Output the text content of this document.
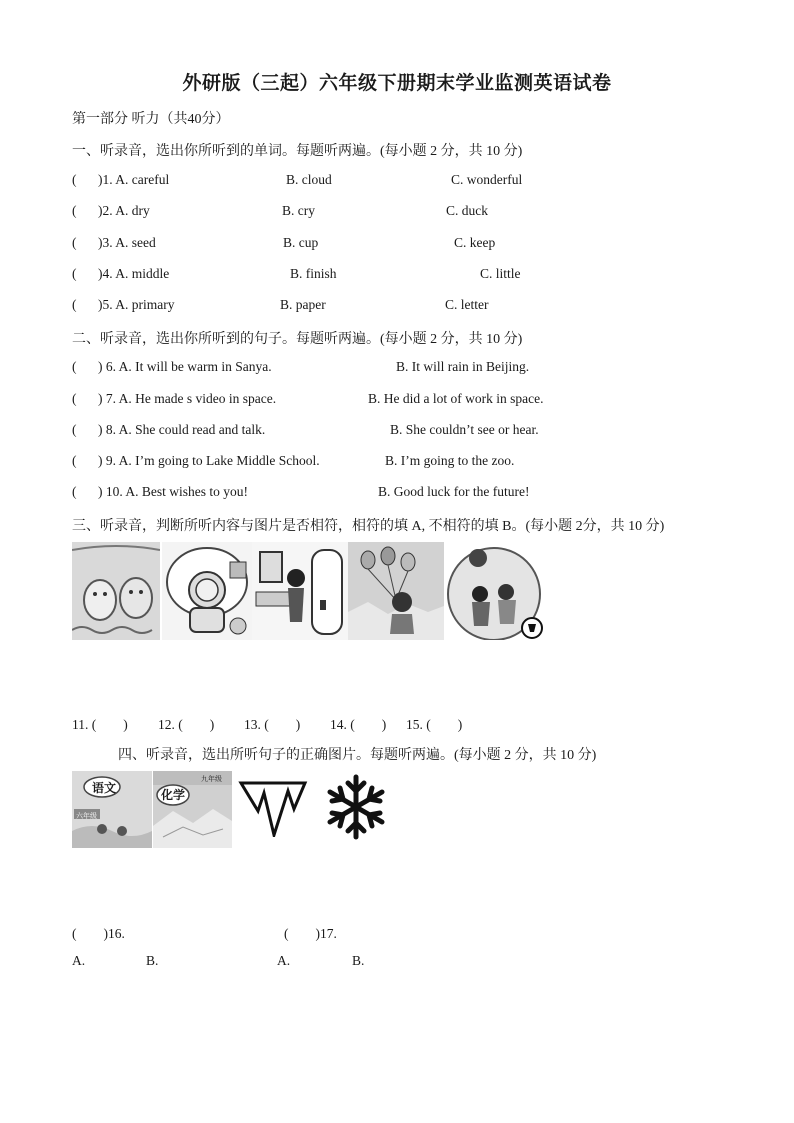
外研版（三起）六年级下册期末学业监测英语试卷
第一部分 听力（共40分）
一、听录音，选出你所听到的单词。每题听两遍。(每小题 2 分，共 10 分)
( )1. A. careful	B. cloud	C. wonderful
( )2. A. dry	B. cry	C. duck
( )3. A. seed	B. cup	C. keep
( )4. A. middle	B. finish	C. little
( )5. A. primary	B. paper	C. letter
二、听录音，选出你所听到的句子。每题听两遍。(每小题 2 分，共 10 分)
( ) 6. A. It will be warm in Sanya.	B. It will rain in Beijing.
( ) 7. A. He made s video in space.	B. He did a lot of work in space.
( ) 8. A. She could read and talk.	B. She couldn’t see or hear.
( ) 9. A. I’m going to Lake Middle School.	B. I’m going to the zoo.
( ) 10. A. Best wishes to you!	B. Good luck for the future!
三、听录音，判断所听内容与图片是否相符，相符的填 A, 不相符的填 B。(每小题 2分，共 10 分)
11. (　　) 12. (　　) 13. (　　) 14. (　　) 15. (　　)
四、听录音，选出所听句子的正确图片。每题听两遍。(每小题 2 分，共 10 分)
语文
六年级
化学
九年级
(　　)16.	(　　)17.
A.	B.	A.	B.
